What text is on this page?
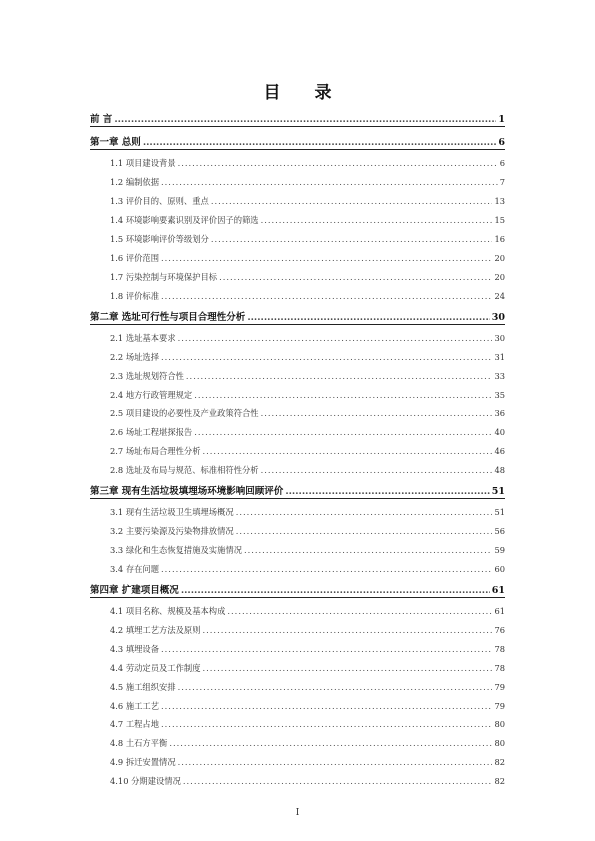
目 录
前 言 .....	1
第一章 总则 .....	6
1.1 项目建设背景 .....	6
1.2 编制依据 .....	7
1.3 评价目的、原则、重点 .....	13
1.4 环境影响要素识别及评价因子的筛选 .....	15
1.5 环境影响评价等级划分 .....	16
1.6 评价范围 .....	20
1.7 污染控制与环境保护目标 .....	20
1.8 评价标准 .....	24
第二章 选址可行性与项目合理性分析 .....	30
2.1 选址基本要求 .....	30
2.2 场址选择 .....	31
2.3 选址规划符合性 .....	33
2.4 地方行政管理规定 .....	35
2.5 项目建设的必要性及产业政策符合性 .....	36
2.6 场址工程堪探报告 .....	40
2.7 场址布局合理性分析 .....	46
2.8 选址及布局与规范、标准相符性分析 .....	48
第三章 现有生活垃圾填埋场环境影响回顾评价 .....	51
3.1 现有生活垃圾卫生填埋场概况 .....	51
3.2 主要污染源及污染物排放情况 .....	56
3.3 绿化和生态恢复措施及实施情况 .....	59
3.4 存在问题 .....	60
第四章 扩建项目概况 .....	61
4.1 项目名称、规模及基本构成 .....	61
4.2 填埋工艺方法及原则 .....	76
4.3 填埋设备 .....	78
4.4 劳动定员及工作制度 .....	78
4.5 施工组织安排 .....	79
4.6 施工工艺 .....	79
4.7 工程占地 .....	80
4.8 土石方平衡 .....	80
4.9 拆迁安置情况 .....	82
4.10 分期建设情况 .....	82
I
